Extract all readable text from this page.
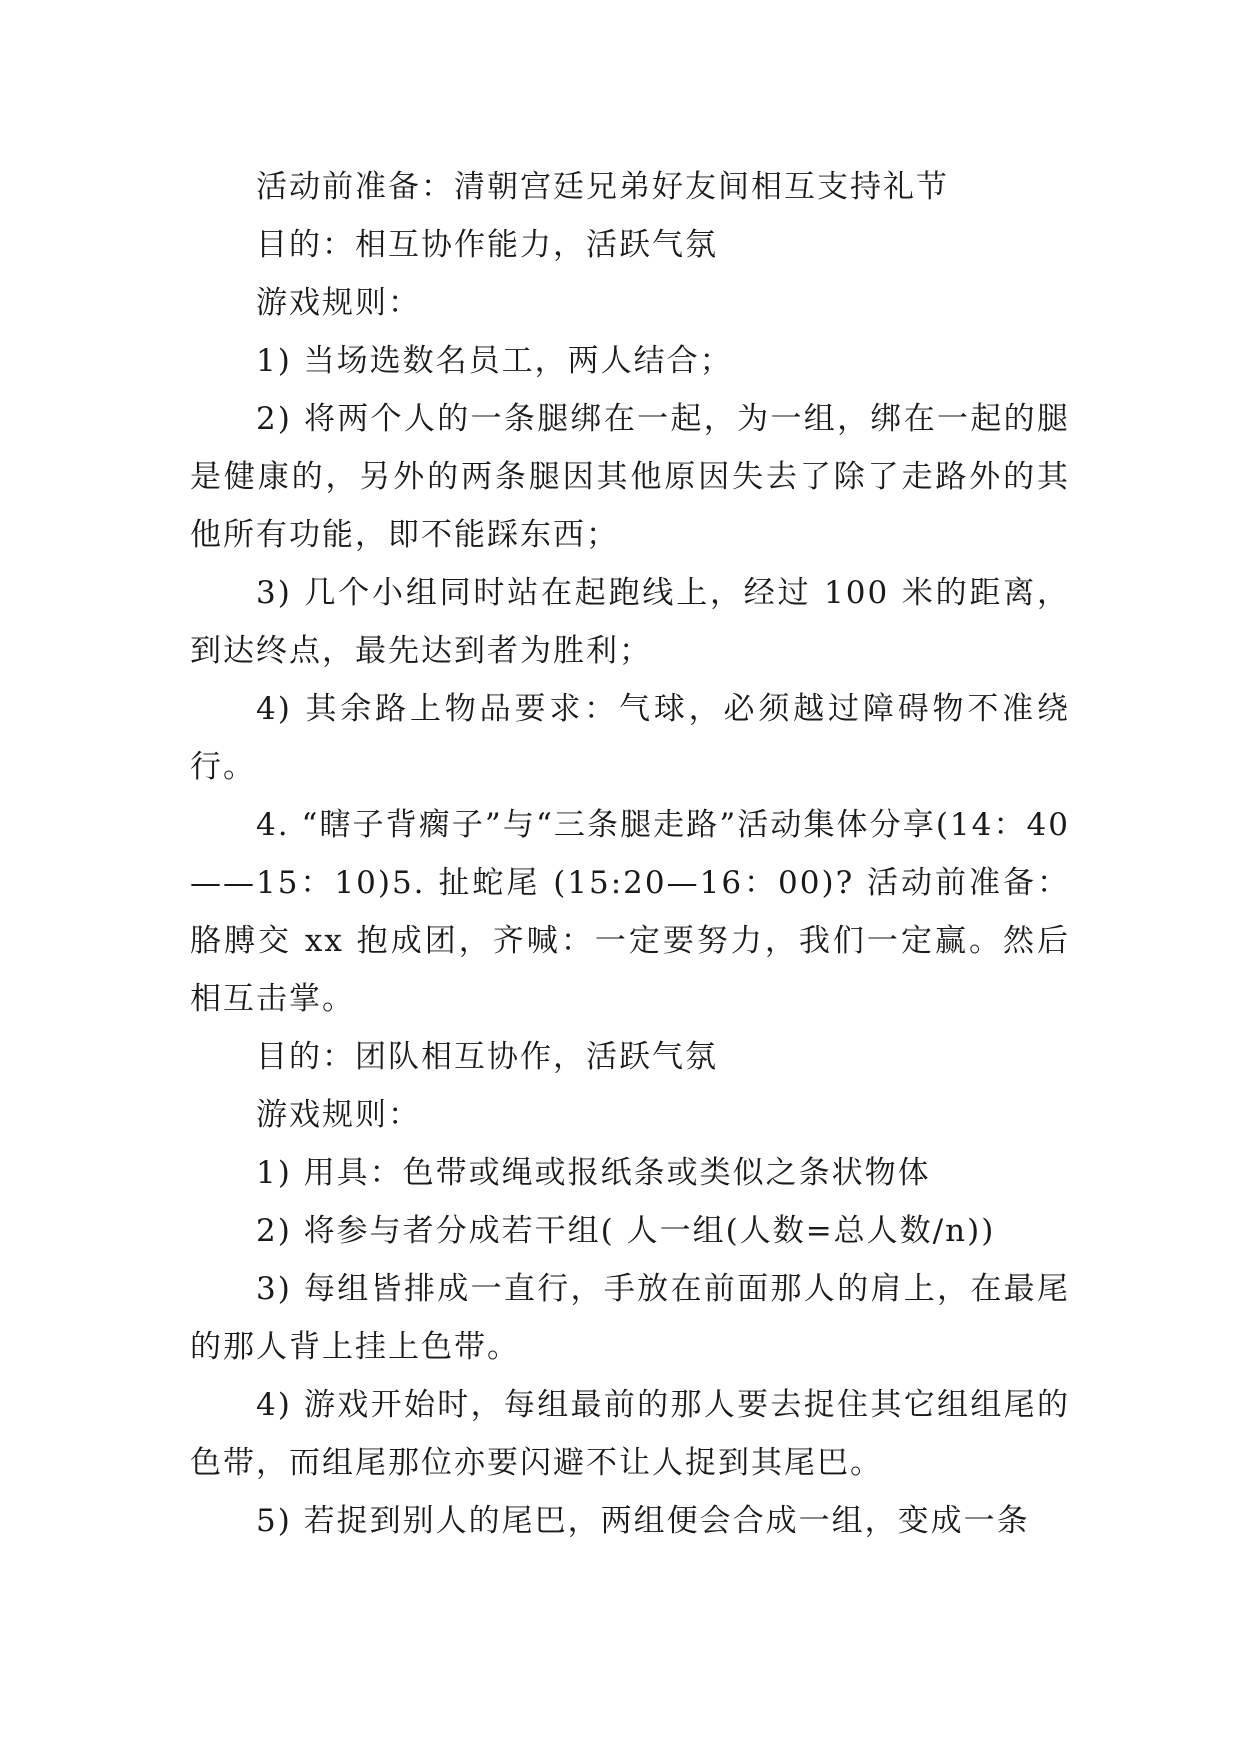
活动前准备：清朝宫廷兄弟好友间相互支持礼节

目的：相互协作能力，活跃气氛

游戏规则：

1) 当场选数名员工，两人结合；

2) 将两个人的一条腿绑在一起，为一组，绑在一起的腿是健康的，另外的两条腿因其他原因失去了除了走路外的其他所有功能，即不能踩东西；

3) 几个小组同时站在起跑线上，经过 100 米的距离，到达终点，最先达到者为胜利；

4) 其余路上物品要求：气球，必须越过障碍物不准绕行。

4. “瞎子背瘸子”与“三条腿走路”活动集体分享(14：40——15：10)5. 扯蛇尾 (15:20—16：00)? 活动前准备：胳膊交 xx 抱成团，齐喊：一定要努力，我们一定赢。然后相互击掌。

目的：团队相互协作，活跃气氛

游戏规则：

1) 用具：色带或绳或报纸条或类似之条状物体

2) 将参与者分成若干组( 人一组(人数=总人数/n))

3) 每组皆排成一直行，手放在前面那人的肩上，在最尾的那人背上挂上色带。

4) 游戏开始时，每组最前的那人要去捉住其它组组尾的色带，而组尾那位亦要闪避不让人捉到其尾巴。

5) 若捉到别人的尾巴，两组便会合成一组，变成一条
